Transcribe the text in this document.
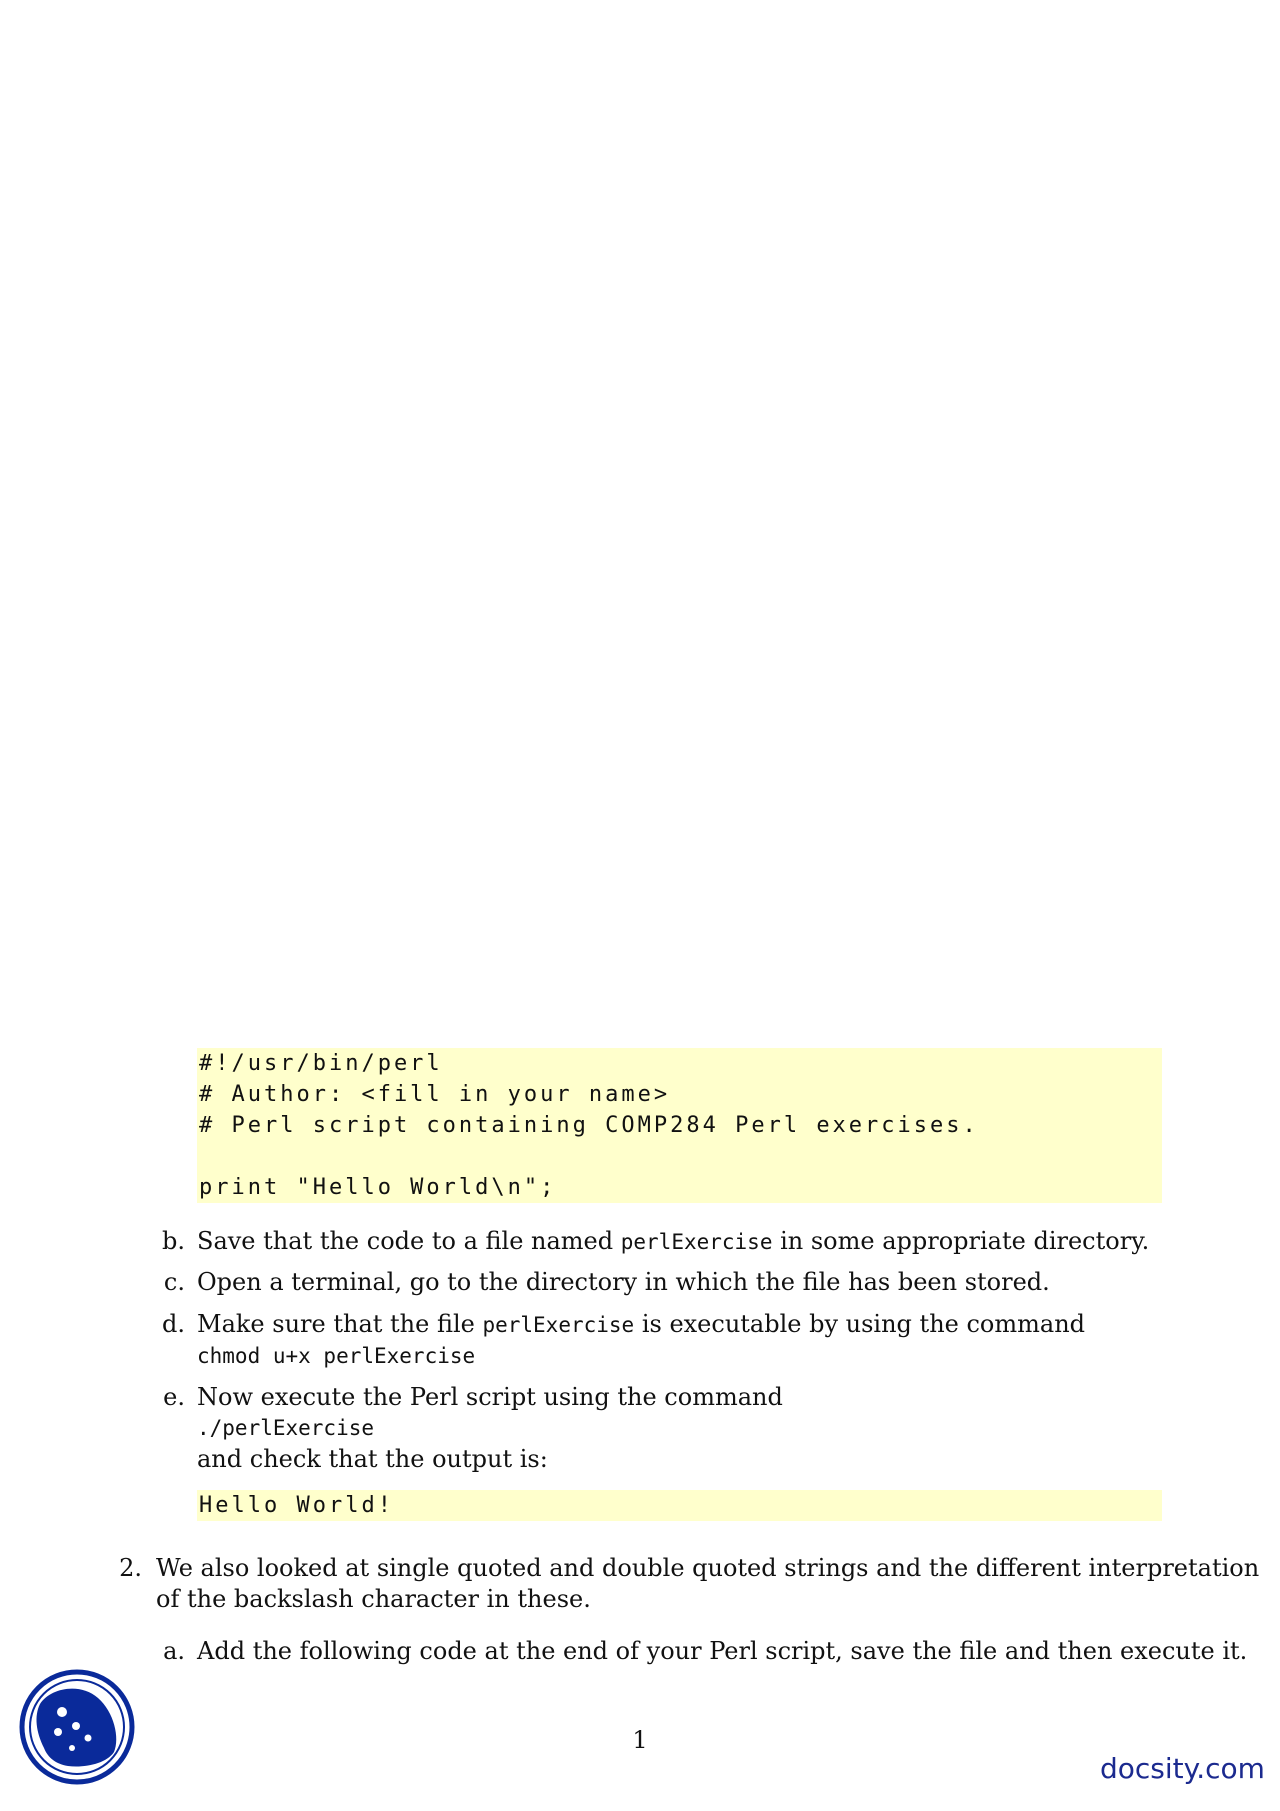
#!/usr/bin/perl
# Author: <fill in your name>
# Perl script containing COMP284 Perl exercises.
print "Hello World\n";
b. Save that the code to a file named perlExercise in some appropriate directory.
c. Open a terminal, go to the directory in which the file has been stored.
d. Make sure that the file perlExercise is executable by using the command
chmod u+x perlExercise
e. Now execute the Perl script using the command
./perlExercise
and check that the output is:
Hello World!
2. We also looked at single quoted and double quoted strings and the different interpretation
of the backslash character in these.
a. Add the following code at the end of your Perl script, save the file and then execute it.
1
docsity.com
